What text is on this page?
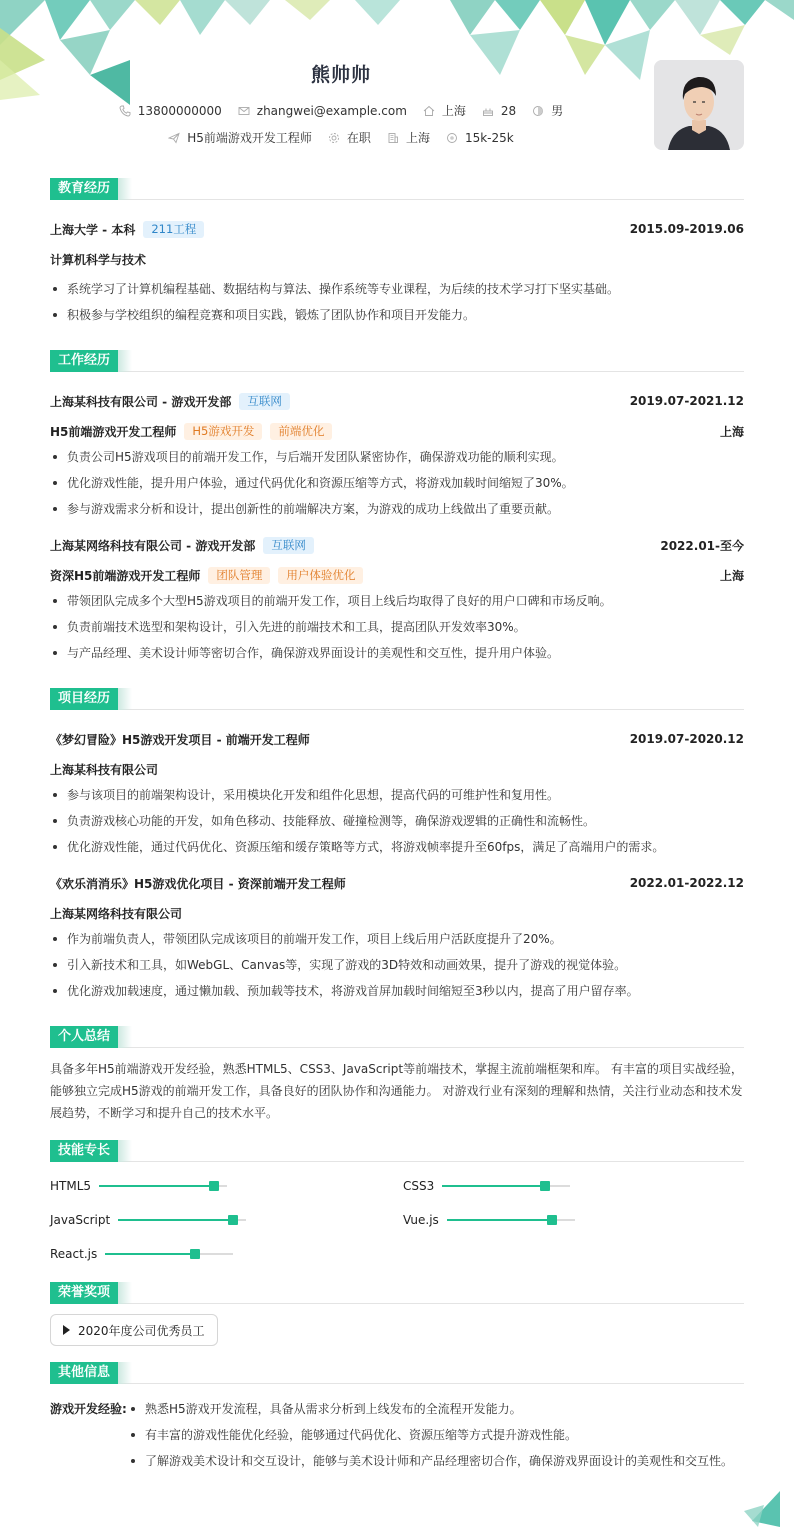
熊帅帅
13800000000	zhangwei@example.com	上海	28	男
H5前端游戏开发工程师	在职	上海	15k-25k
教育经历
上海大学 - 本科	211工程	2015.09-2019.06
计算机科学与技术
系统学习了计算机编程基础、数据结构与算法、操作系统等专业课程，为后续的技术学习打下坚实基础。
积极参与学校组织的编程竞赛和项目实践，锻炼了团队协作和项目开发能力。
工作经历
上海某科技有限公司 - 游戏开发部	互联网	2019.07-2021.12
H5前端游戏开发工程师	H5游戏开发	前端优化	上海
负责公司H5游戏项目的前端开发工作，与后端开发团队紧密协作，确保游戏功能的顺利实现。
优化游戏性能，提升用户体验，通过代码优化和资源压缩等方式，将游戏加载时间缩短了30%。
参与游戏需求分析和设计，提出创新性的前端解决方案，为游戏的成功上线做出了重要贡献。
上海某网络科技有限公司 - 游戏开发部	互联网	2022.01-至今
资深H5前端游戏开发工程师	团队管理	用户体验优化	上海
带领团队完成多个大型H5游戏项目的前端开发工作，项目上线后均取得了良好的用户口碑和市场反响。
负责前端技术选型和架构设计，引入先进的前端技术和工具，提高团队开发效率30%。
与产品经理、美术设计师等密切合作，确保游戏界面设计的美观性和交互性，提升用户体验。
项目经历
《梦幻冒险》H5游戏开发项目 - 前端开发工程师	2019.07-2020.12
上海某科技有限公司
参与该项目的前端架构设计，采用模块化开发和组件化思想，提高代码的可维护性和复用性。
负责游戏核心功能的开发，如角色移动、技能释放、碰撞检测等，确保游戏逻辑的正确性和流畅性。
优化游戏性能，通过代码优化、资源压缩和缓存策略等方式，将游戏帧率提升至60fps，满足了高端用户的需求。
《欢乐消消乐》H5游戏优化项目 - 资深前端开发工程师	2022.01-2022.12
上海某网络科技有限公司
作为前端负责人，带领团队完成该项目的前端开发工作，项目上线后用户活跃度提升了20%。
引入新技术和工具，如WebGL、Canvas等，实现了游戏的3D特效和动画效果，提升了游戏的视觉体验。
优化游戏加载速度，通过懒加载、预加载等技术，将游戏首屏加载时间缩短至3秒以内，提高了用户留存率。
个人总结

具备多年H5前端游戏开发经验，熟悉HTML5、CSS3、JavaScript等前端技术，掌握主流前端框架和库。 有丰富的项目实战经验，能够独立完成H5游戏的前端开发工作，具备良好的团队协作和沟通能力。 对游戏行业有深刻的理解和热情，关注行业动态和技术发展趋势，不断学习和提升自己的技术水平。

技能专长
HTML5	CSS3
JavaScript	Vue.js
React.js
荣誉奖项
2020年度公司优秀员工
其他信息
游戏开发经验:	熟悉H5游戏开发流程，具备从需求分析到上线发布的全流程开发能力。
有丰富的游戏性能优化经验，能够通过代码优化、资源压缩等方式提升游戏性能。
了解游戏美术设计和交互设计，能够与美术设计师和产品经理密切合作，确保游戏界面设计的美观性和交互性。
